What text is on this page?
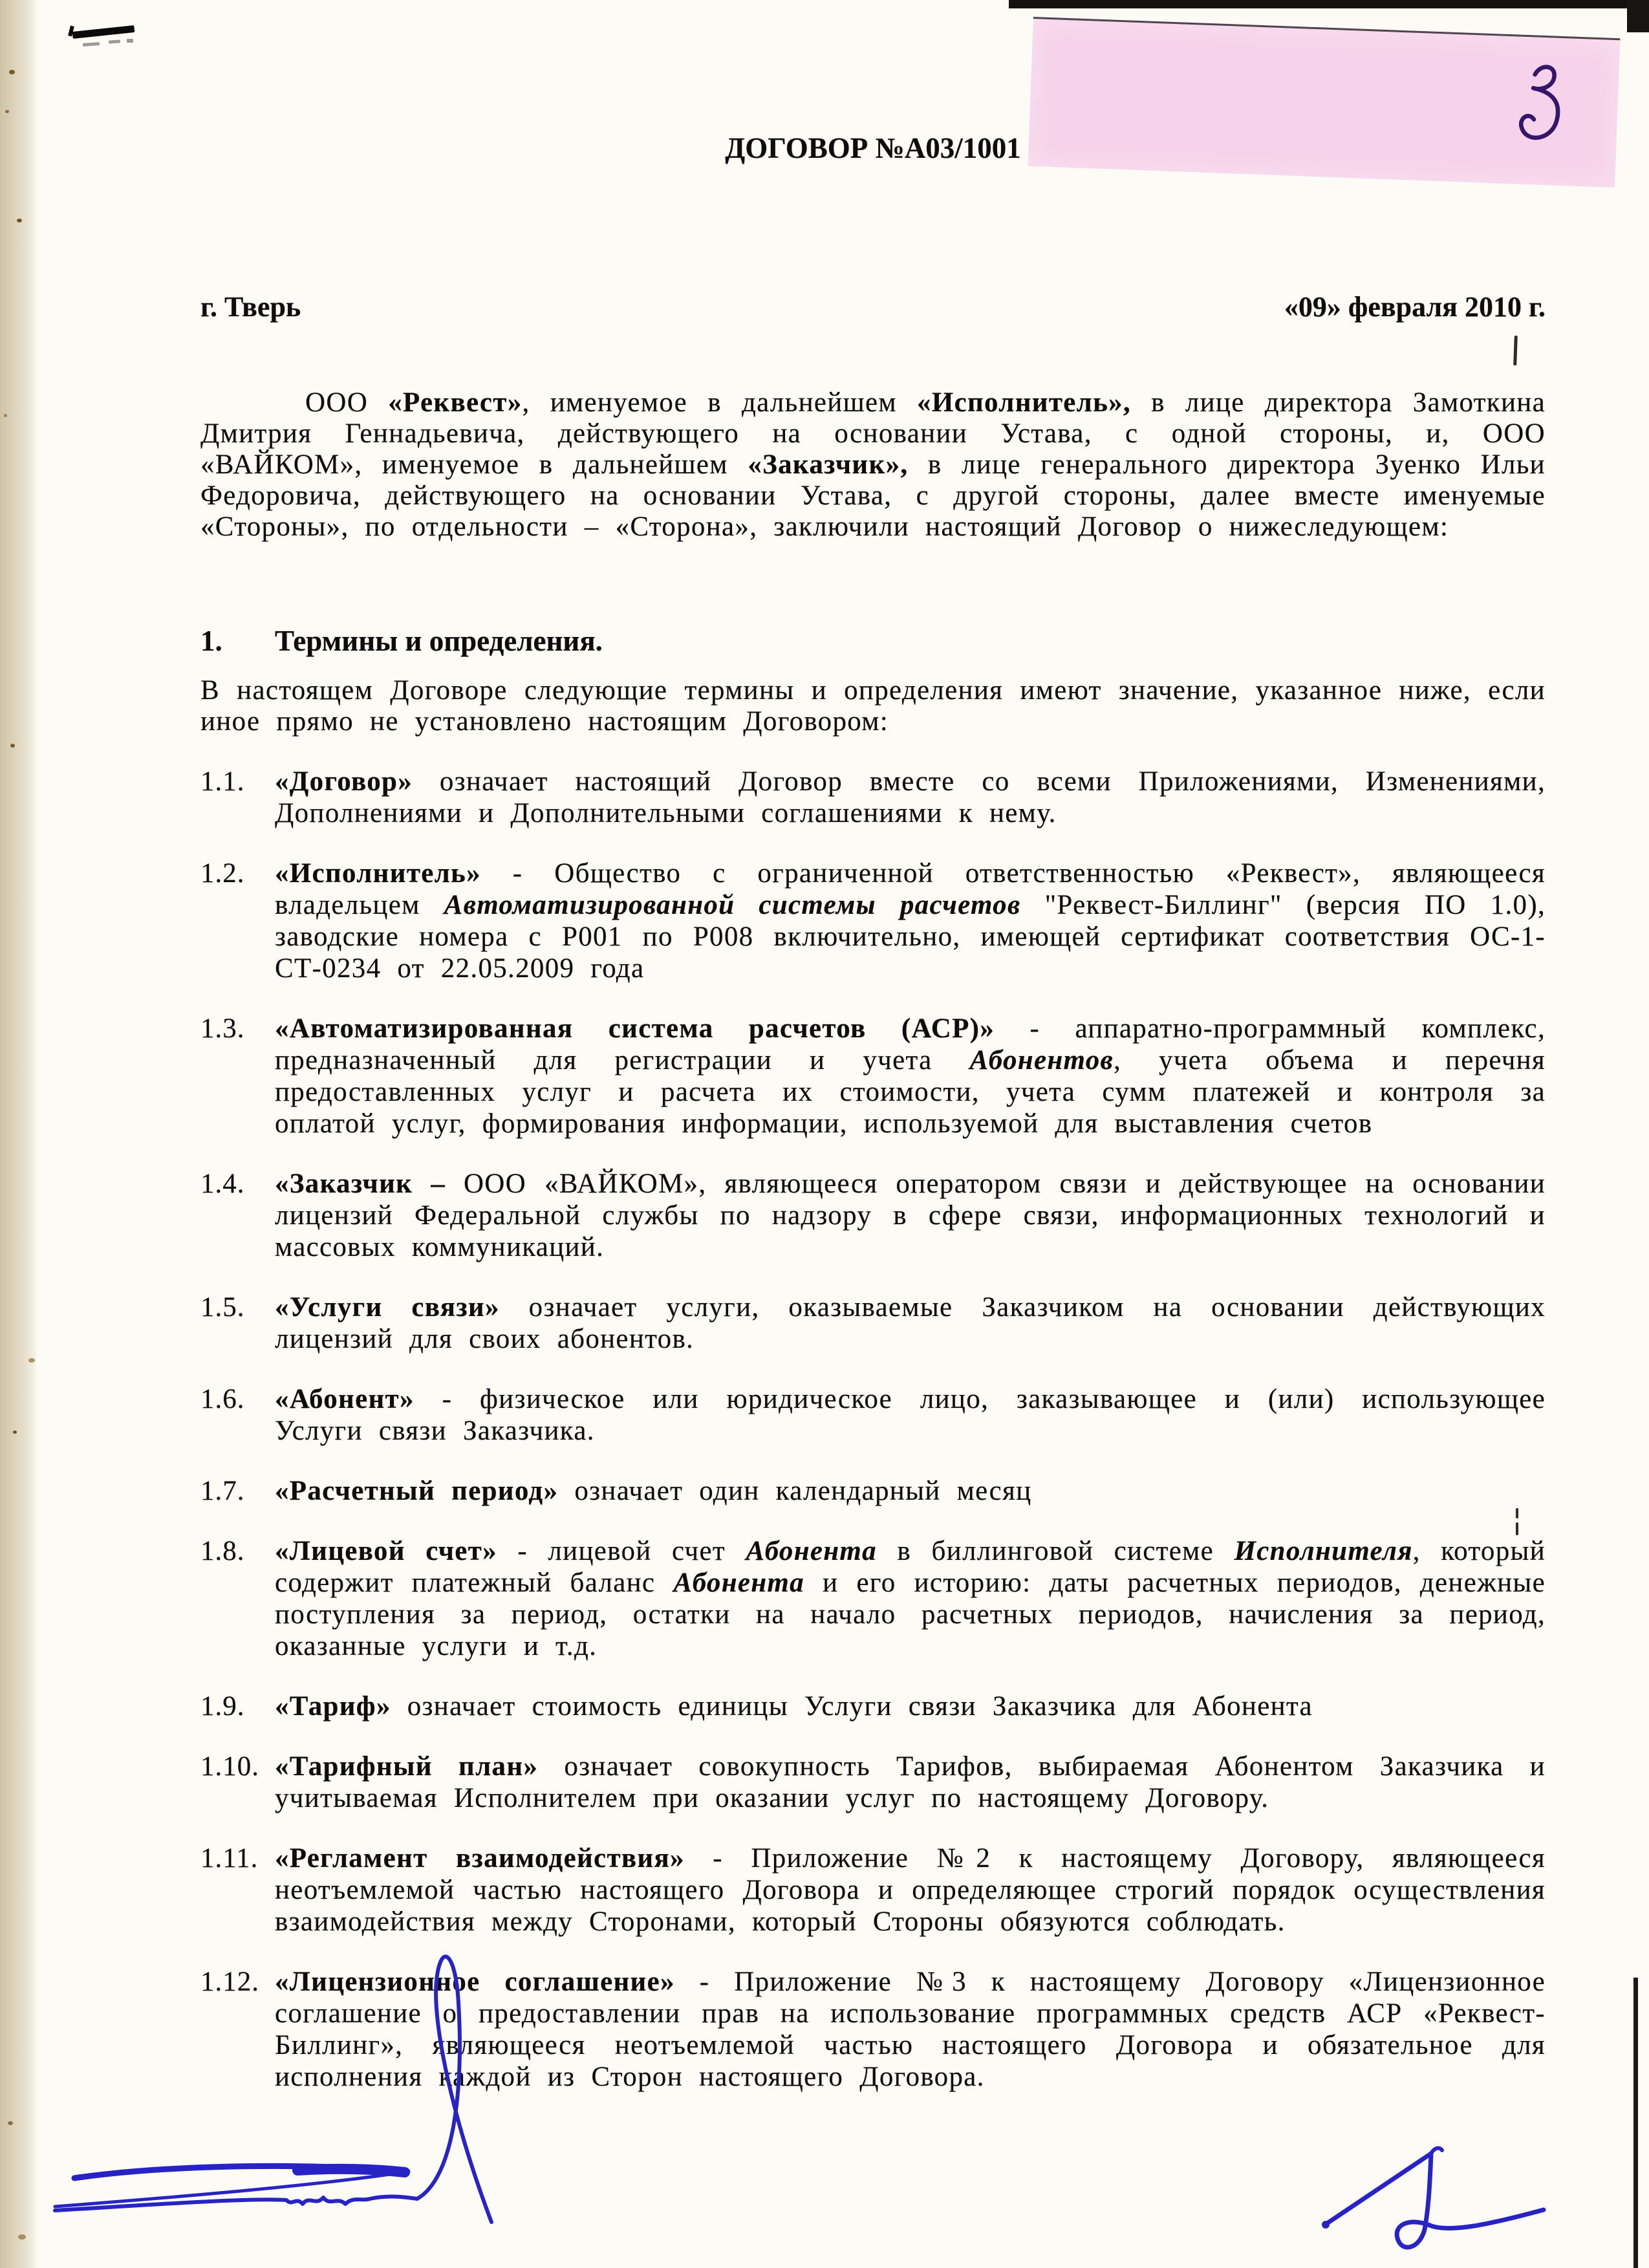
ДОГОВОР №А03/1001
г. Тверь	«09» февраля 2010 г.

ООО «Реквест», именуемое в дальнейшем «Исполнитель», в лице директора Замоткина Дмитрия Геннадьевича, действующего на основании Устава, с одной стороны, и, ООО «ВАЙКОМ», именуемое в дальнейшем «Заказчик», в лице генерального директора Зуенко Ильи Федоровича, действующего на основании Устава, с другой стороны, далее вместе именуемые «Стороны», по отдельности – «Сторона», заключили настоящий Договор о нижеследующем:

1.	Термины и определения.

В настоящем Договоре следующие термины и определения имеют значение, указанное ниже, если иное прямо не установлено настоящим Договором:

1.1.	«Договор» означает настоящий Договор вместе со всеми Приложениями, Изменениями, Дополнениями и Дополнительными соглашениями к нему.
1.2.	«Исполнитель» - Общество с ограниченной ответственностью «Реквест», являющееся владельцем Автоматизированной системы расчетов "Реквест-Биллинг" (версия ПО 1.0), заводские номера с Р001 по Р008 включительно, имеющей сертификат соответствия ОС-1-СТ-0234 от 22.05.2009 года
1.3.	«Автоматизированная система расчетов (АСР)» - аппаратно-программный комплекс, предназначенный для регистрации и учета Абонентов, учета объема и перечня предоставленных услуг и расчета их стоимости, учета сумм платежей и контроля за оплатой услуг, формирования информации, используемой для выставления счетов
1.4.	«Заказчик – ООО «ВАЙКОМ», являющееся оператором связи и действующее на основании лицензий Федеральной службы по надзору в сфере связи, информационных технологий и массовых коммуникаций.
1.5.	«Услуги связи» означает услуги, оказываемые Заказчиком на основании действующих лицензий для своих абонентов.
1.6.	«Абонент» - физическое или юридическое лицо, заказывающее и (или) использующее Услуги связи Заказчика.
1.7.	«Расчетный период» означает один календарный месяц
1.8.	«Лицевой счет» - лицевой счет Абонента в биллинговой системе Исполнителя, который содержит платежный баланс Абонента и его историю: даты расчетных периодов, денежные поступления за период, остатки на начало расчетных периодов, начисления за период, оказанные услуги и т.д.
1.9.	«Тариф» означает стоимость единицы Услуги связи Заказчика для Абонента
1.10. «Тарифный план» означает совокупность Тарифов, выбираемая Абонентом Заказчика и учитываемая Исполнителем при оказании услуг по настоящему Договору.
1.11. «Регламент взаимодействия» - Приложение №2 к настоящему Договору, являющееся неотъемлемой частью настоящего Договора и определяющее строгий порядок осуществления взаимодействия между Сторонами, который Стороны обязуются соблюдать.
1.12. «Лицензионное соглашение» - Приложение №3 к настоящему Договору «Лицензионное соглашение о предоставлении прав на использование программных средств АСР «Реквест-Биллинг», являющееся неотъемлемой частью настоящего Договора и обязательное для исполнения каждой из Сторон настоящего Договора.
